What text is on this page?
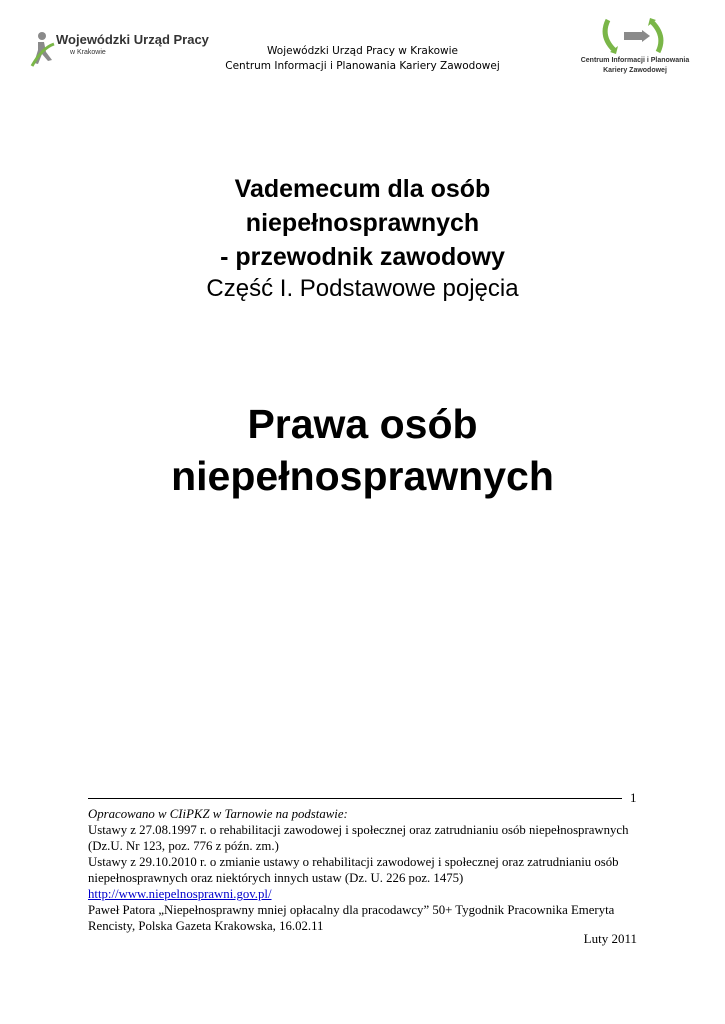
Wojewódzki Urząd Pracy
w Krakowie	Wojewódzki Urząd Pracy w Krakowie
Centrum Informacji i Planowania Kariery Zawodowej	Centrum Informacji i Planowania
Kariery Zawodowej
Vademecum dla osób
niepełnosprawnych
- przewodnik zawodowy
Część I. Podstawowe pojęcia
Prawa osób
niepełnosprawnych
1
Opracowano w CIiPKZ w Tarnowie na podstawie:
Ustawy z 27.08.1997 r. o rehabilitacji zawodowej i społecznej oraz zatrudnianiu osób niepełnosprawnych (Dz.U. Nr 123, poz. 776 z późn. zm.)
Ustawy z 29.10.2010 r. o zmianie ustawy o rehabilitacji zawodowej i społecznej oraz zatrudnianiu osób niepełnosprawnych oraz niektórych innych ustaw (Dz. U. 226 poz. 1475)
http://www.niepelnosprawni.gov.pl/
Paweł Patora „Niepełnosprawny mniej opłacalny dla pracodawcy” 50+ Tygodnik Pracownika Emeryta Rencisty, Polska Gazeta Krakowska, 16.02.11
Luty 2011
